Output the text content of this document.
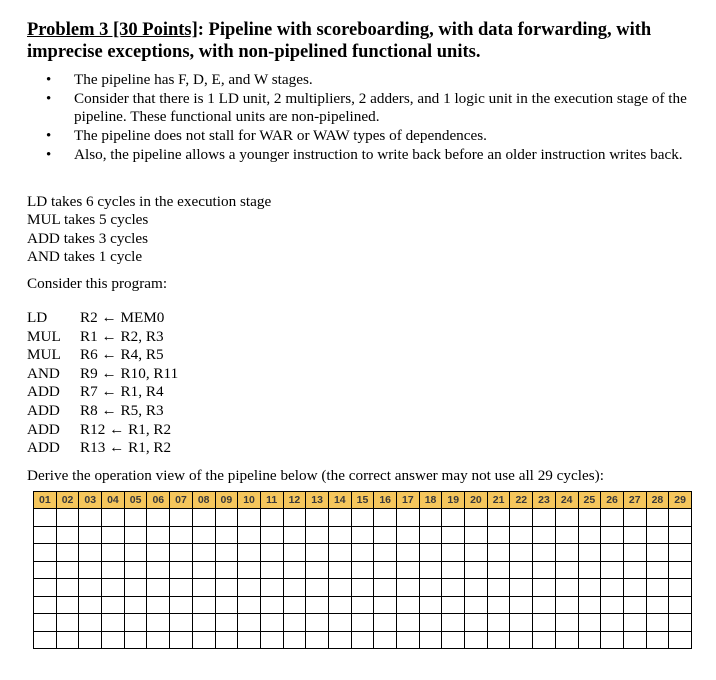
Problem 3 [30 Points]: Pipeline with scoreboarding, with data forwarding, with imprecise exceptions, with non-pipelined functional units.
• The pipeline has F, D, E, and W stages.
• Consider that there is 1 LD unit, 2 multipliers, 2 adders, and 1 logic unit in the execution stage of the pipeline. These functional units are non-pipelined.
• The pipeline does not stall for WAR or WAW types of dependences.
• Also, the pipeline allows a younger instruction to write back before an older instruction writes back.
LD takes 6 cycles in the execution stage
MUL takes 5 cycles
ADD takes 3 cycles
AND takes 1 cycle
Consider this program:
LD	R2 ← MEM0
MUL	R1 ← R2, R3
MUL	R6 ← R4, R5
AND	R9 ← R10, R11
ADD	R7 ← R1, R4
ADD	R8 ← R5, R3
ADD	R12 ← R1, R2
ADD	R13 ← R1, R2
Derive the operation view of the pipeline below (the correct answer may not use all 29 cycles):
01	02	03	04	05	06	07	08	09	10	11	12	13	14	15	16	17	18	19	20	21	22	23	24	25	26	27	28	29
